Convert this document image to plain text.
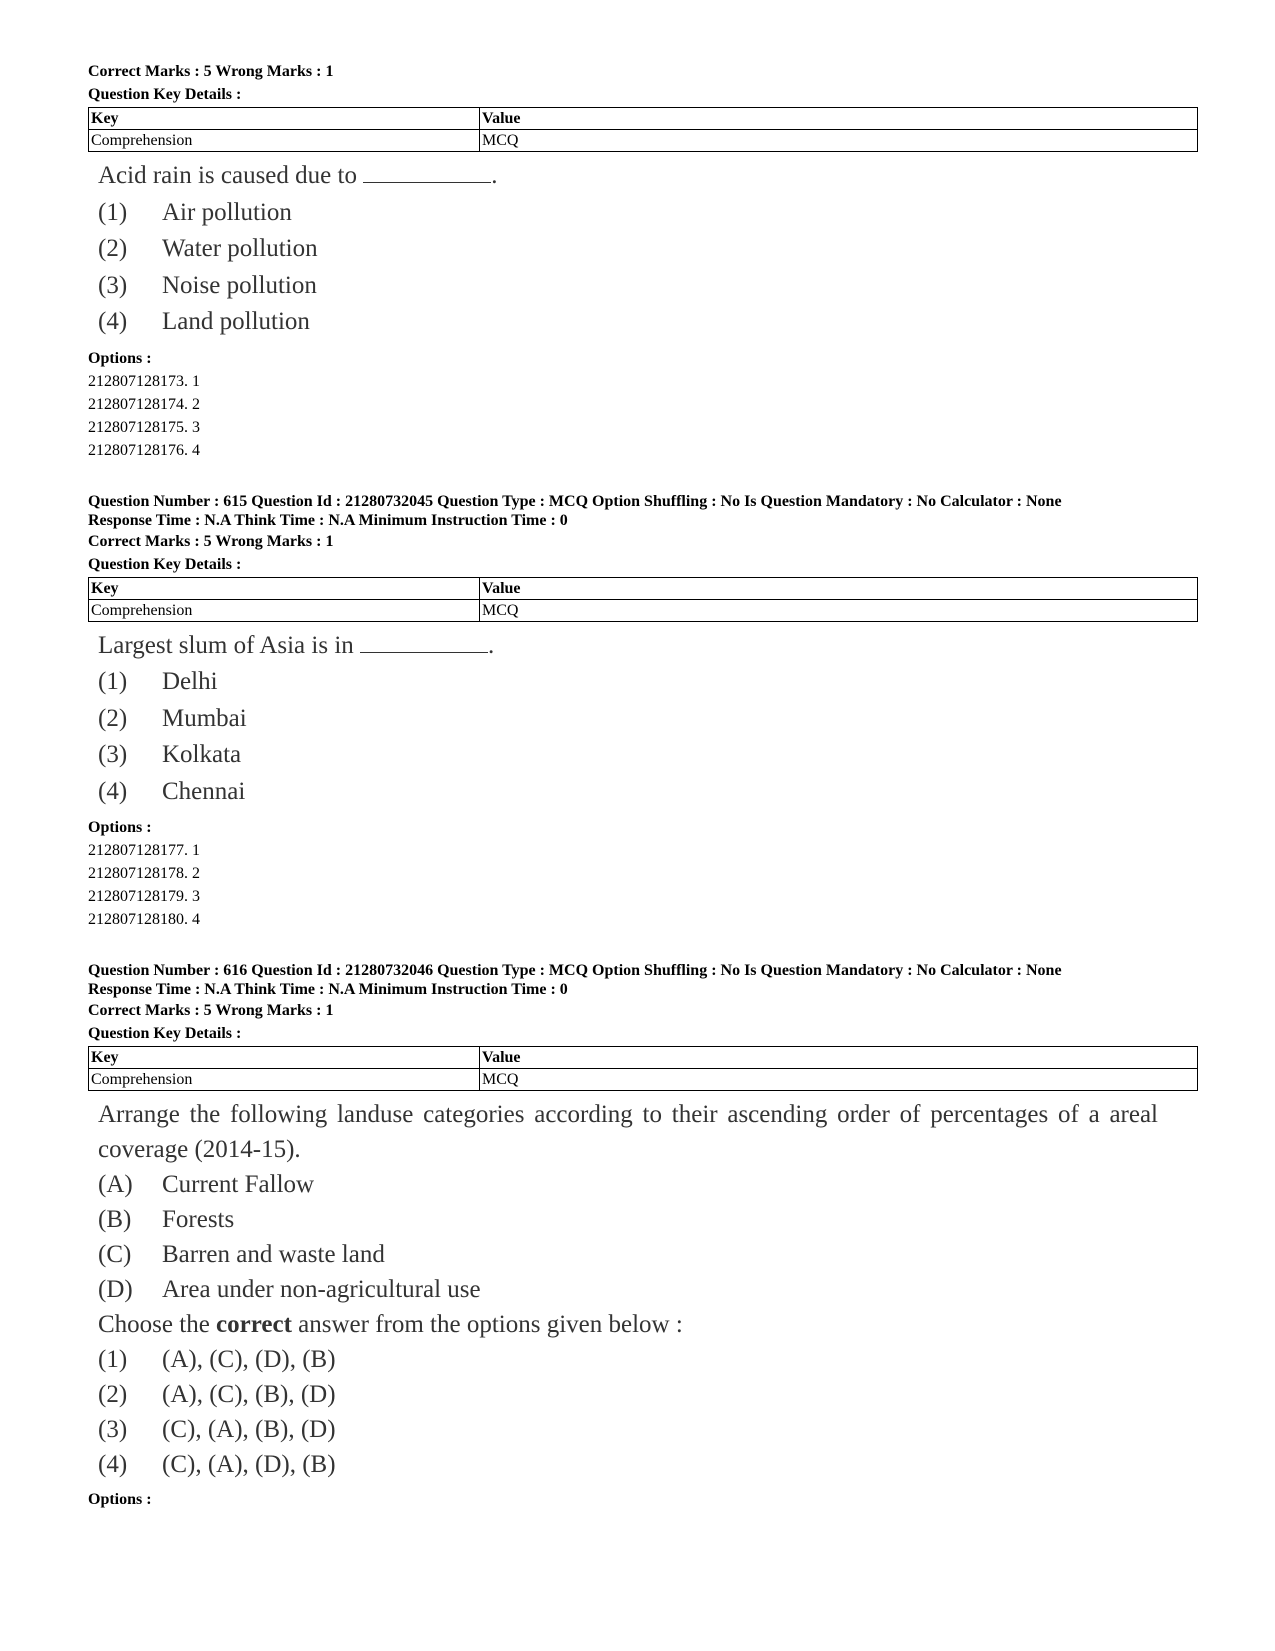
Correct Marks : 5 Wrong Marks : 1

Question Key Details :

Key	Value
Comprehension	MCQ
Acid rain is caused due to	.
(1) Air pollution
(2) Water pollution
(3) Noise pollution
(4) Land pollution

Options :

212807128173. 1

212807128174. 2

212807128175. 3

212807128176. 4

Question Number : 615 Question Id : 21280732045 Question Type : MCQ Option Shuffling : No Is Question Mandatory : No Calculator : None

Response Time : N.A Think Time : N.A Minimum Instruction Time : 0

Correct Marks : 5 Wrong Marks : 1

Question Key Details :

Key	Value
Comprehension	MCQ
Largest slum of Asia is in	.
(1) Delhi
(2) Mumbai
(3) Kolkata
(4) Chennai

Options :

212807128177. 1

212807128178. 2

212807128179. 3

212807128180. 4

Question Number : 616 Question Id : 21280732046 Question Type : MCQ Option Shuffling : No Is Question Mandatory : No Calculator : None

Response Time : N.A Think Time : N.A Minimum Instruction Time : 0

Correct Marks : 5 Wrong Marks : 1

Question Key Details :

Key	Value
Comprehension	MCQ
Arrange the following landuse categories according to their ascending order of percentages of a areal coverage (2014-15).
(A) Current Fallow
(B) Forests
(C) Barren and waste land
(D) Area under non-agricultural use
Choose the correct answer from the options given below :
(1) (A), (C), (D), (B)
(2) (A), (C), (B), (D)
(3) (C), (A), (B), (D)
(4) (C), (A), (D), (B)

Options :
